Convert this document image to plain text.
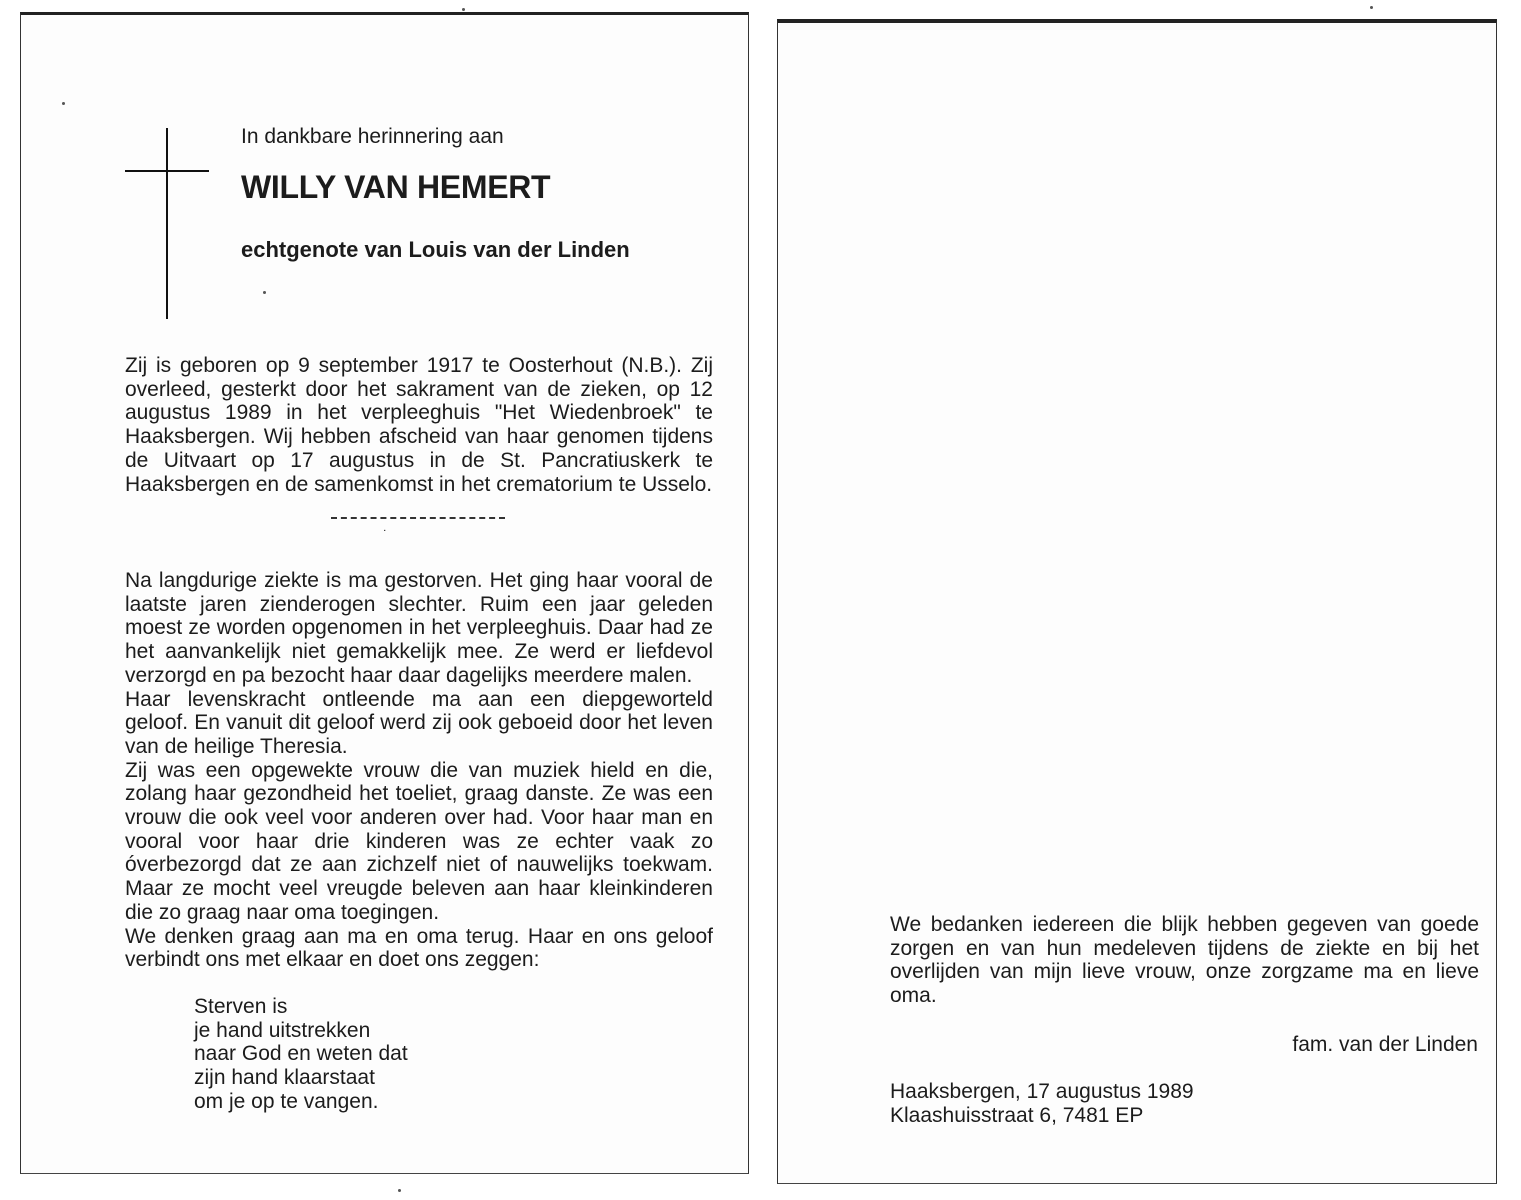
In dankbare herinnering aan
WILLY VAN HEMERT
echtgenote van Louis van der Linden

Zij is geboren op 9 september 1917 te Oosterhout (N.B.). Zij overleed, gesterkt door het sakrament van de zieken, op 12 augustus 1989 in het verpleeghuis "Het Wiedenbroek" te Haaksbergen. Wij hebben afscheid van haar genomen tijdens de Uitvaart op 17 augustus in de St. Pancratiuskerk te Haaksbergen en de samenkomst in het crematorium te Usselo.

˙
Na langdurige ziekte is ma gestorven. Het ging haar vooral de laatste jaren zienderogen slechter. Ruim een jaar geleden moest ze worden opgenomen in het verpleeghuis. Daar had ze het aanvankelijk niet gemakkelijk mee. Ze werd er liefdevol verzorgd en pa bezocht haar daar dagelijks meerdere malen.
Haar levenskracht ontleende ma aan een diepgeworteld geloof. En vanuit dit geloof werd zij ook geboeid door het leven van de heilige Theresia.
Zij was een opgewekte vrouw die van muziek hield en die, zolang haar gezondheid het toeliet, graag danste. Ze was een vrouw die ook veel voor anderen over had. Voor haar man en vooral voor haar drie kinderen was ze echter vaak zo óverbezorgd dat ze aan zichzelf niet of nauwelijks toekwam. Maar ze mocht veel vreugde beleven aan haar kleinkinderen die zo graag naar oma toegingen.
We denken graag aan ma en oma terug. Haar en ons geloof verbindt ons met elkaar en doet ons zeggen:
Sterven is
je hand uitstrekken
naar God en weten dat
zijn hand klaarstaat
om je op te vangen.

We bedanken iedereen die blijk hebben gegeven van goede zorgen en van hun medeleven tijdens de ziekte en bij het overlijden van mijn lieve vrouw, onze zorgzame ma en lieve oma.

fam. van der Linden
Haaksbergen, 17 augustus 1989
Klaashuisstraat 6, 7481 EP
